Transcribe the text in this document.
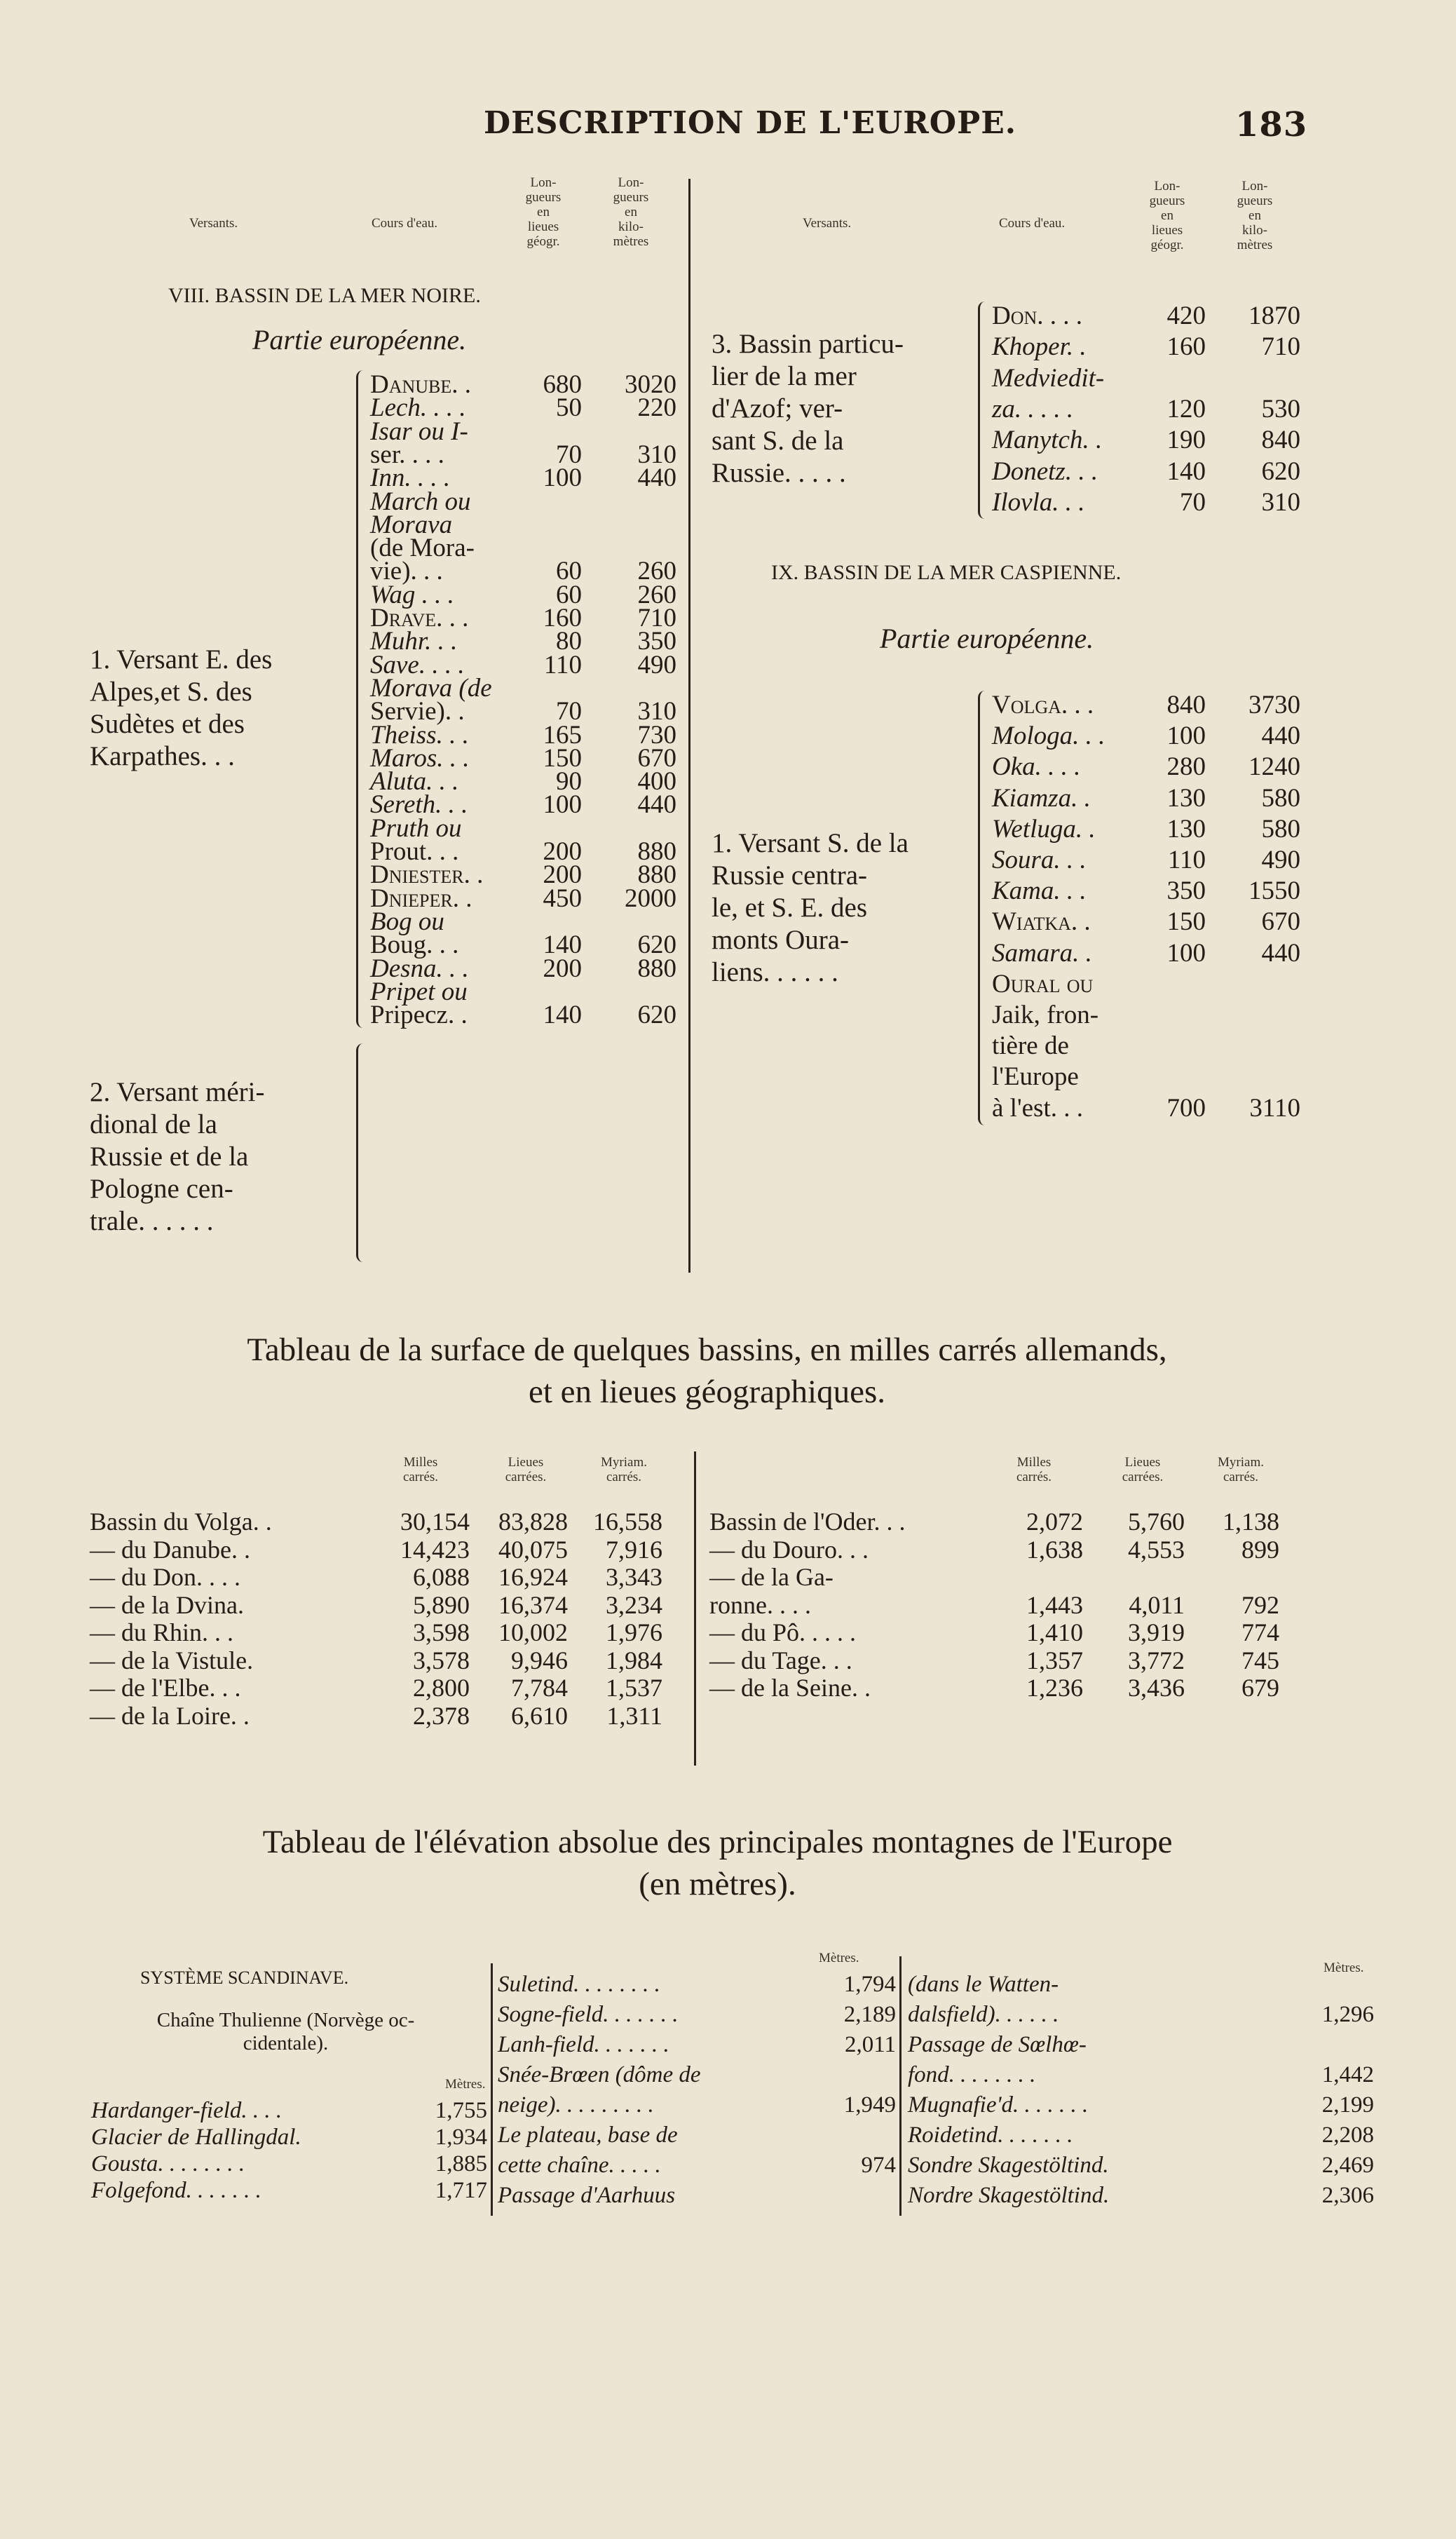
DESCRIPTION DE L'EUROPE.	183
Versants.	Cours d'eau.
Lon-
gueurs
en
lieues
géogr.
Lon-
gueurs
en
kilo-
mètres
VIII. BASSIN DE LA MER NOIRE.
Partie européenne.
Danube. .	680	3020
Lech. . . .	50	220
Isar ou I-
ser. . . .	70	310
Inn. . . .	100	440
March ou
Morava
(de Mora-
vie). . .	60	260
Wag . . .	60	260
Drave. . .	160	710
Muhr. . .	80	350
Save. . . .	110	490
Morava (de
Servie). .	70	310
Theiss. . .	165	730
Maros. . .	150	670
Aluta. . .	90	400
Sereth. . .	100	440
Pruth ou
Prout. . .	200	880
Dniester. .	200	880
Dnieper. .	450	2000
Bog ou
Boug. . .	140	620
Desna. . .	200	880
Pripet ou
Pripecz. .	140	620
1. Versant E. des
Alpes,et S. des
Sudètes et des
Karpathes. . .
2. Versant méri-
dional de la
Russie et de la
Pologne cen-
trale. . . . . .
Versants.	Cours d'eau.
Lon-
gueurs
en
lieues
géogr.
Lon-
gueurs
en
kilo-
mètres
3. Bassin particu-
lier de la mer
d'Azof; ver-
sant S. de la
Russie. . . . .
Don. . . .	420	1870
Khoper. .	160	710
Medviedit-
za. . . . .	120	530
Manytch. .	190	840
Donetz. . .	140	620
Ilovla. . .	70	310
IX. BASSIN DE LA MER CASPIENNE.
Partie européenne.
1. Versant S. de la
Russie centra-
le, et S. E. des
monts Oura-
liens. . . . . .
Volga. . .	840	3730
Mologa. . .	100	440
Oka. . . .	280	1240
Kiamza. .	130	580
Wetluga. .	130	580
Soura. . .	110	490
Kama. . .	350	1550
Wiatka. .	150	670
Samara. .	100	440
Oural ou
Jaik, fron-
tière de
l'Europe
à l'est. . .	700	3110
Tableau de la surface de quelques bassins, en milles carrés allemands,
et en lieues géographiques.
Milles
carrés.
Lieues
carrées.
Myriam.
carrés.
Milles
carrés.
Lieues
carrées.
Myriam.
carrés.
Bassin du Volga. .	30,154	83,828	16,558
— du Danube. .	14,423	40,075	7,916
— du Don. . . .	6,088	16,924	3,343
— de la Dvina.	5,890	16,374	3,234
— du Rhin. . .	3,598	10,002	1,976
— de la Vistule.	3,578	9,946	1,984
— de l'Elbe. . .	2,800	7,784	1,537
— de la Loire. .	2,378	6,610	1,311
Bassin de l'Oder. . .	2,072	5,760	1,138
— du Douro. . .	1,638	4,553	899
— de la Ga-
ronne. . . .	1,443	4,011	792
— du Pô. . . . .	1,410	3,919	774
— du Tage. . .	1,357	3,772	745
— de la Seine. .	1,236	3,436	679
Tableau de l'élévation absolue des principales montagnes de l'Europe
(en mètres).
SYSTÈME SCANDINAVE.
Chaîne Thulienne (Norvège oc-
cidentale).
Mètres.
Mètres.
Mètres.
Hardanger-field. . . .	1,755
Glacier de Hallingdal.	1,934
Gousta. . . . . . . .	1,885
Folgefond. . . . . . .	1,717
Suletind. . . . . . . .	1,794
Sogne-field. . . . . . .	2,189
Lanh-field. . . . . . .	2,011
Snée-Brœen (dôme de
neige). . . . . . . . .	1,949
Le plateau, base de
cette chaîne. . . . .	974
Passage d'Aarhuus
(dans le Watten-
dalsfield). . . . . .	1,296
Passage de Sœlhœ-
fond. . . . . . . .	1,442
Mugnafie'd. . . . . . .	2,199
Roidetind. . . . . . .	2,208
Sondre Skagestöltind.	2,469
Nordre Skagestöltind.	2,306
